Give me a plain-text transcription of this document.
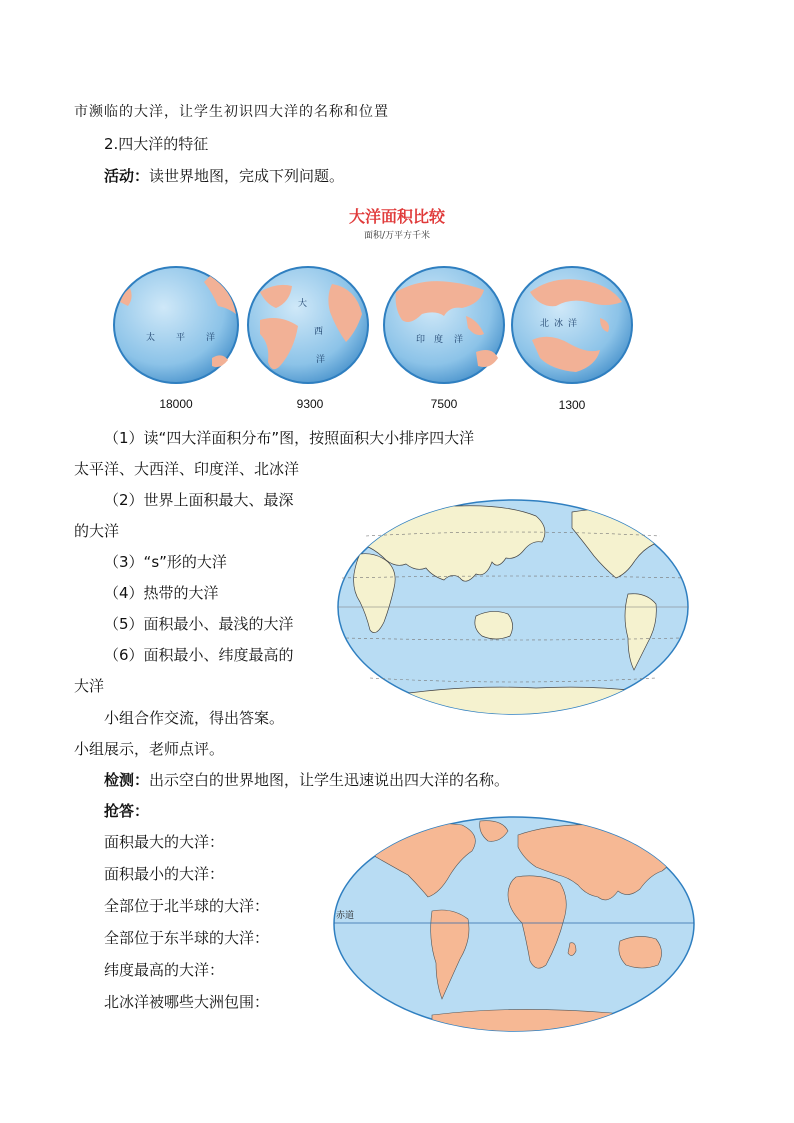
市濒临的大洋，让学生初识四大洋的名称和位置
2.四大洋的特征
活动：读世界地图，完成下列问题。
大洋面积比较
面积/万平方千米
太 平 洋
大
西
洋
印 度 洋
北 冰 洋
18000	9300	7500	1300
（1）读“四大洋面积分布”图，按照面积大小排序四大洋
太平洋、大西洋、印度洋、北冰洋
（2）世界上面积最大、最深
的大洋
（3）“s”形的大洋
（4）热带的大洋
（5）面积最小、最浅的大洋
（6）面积最小、纬度最高的
大洋
小组合作交流，得出答案。
小组展示，老师点评。
检测：出示空白的世界地图，让学生迅速说出四大洋的名称。
抢答：
面积最大的大洋：
面积最小的大洋：
全部位于北半球的大洋：
全部位于东半球的大洋：
纬度最高的大洋：
北冰洋被哪些大洲包围：
赤道
